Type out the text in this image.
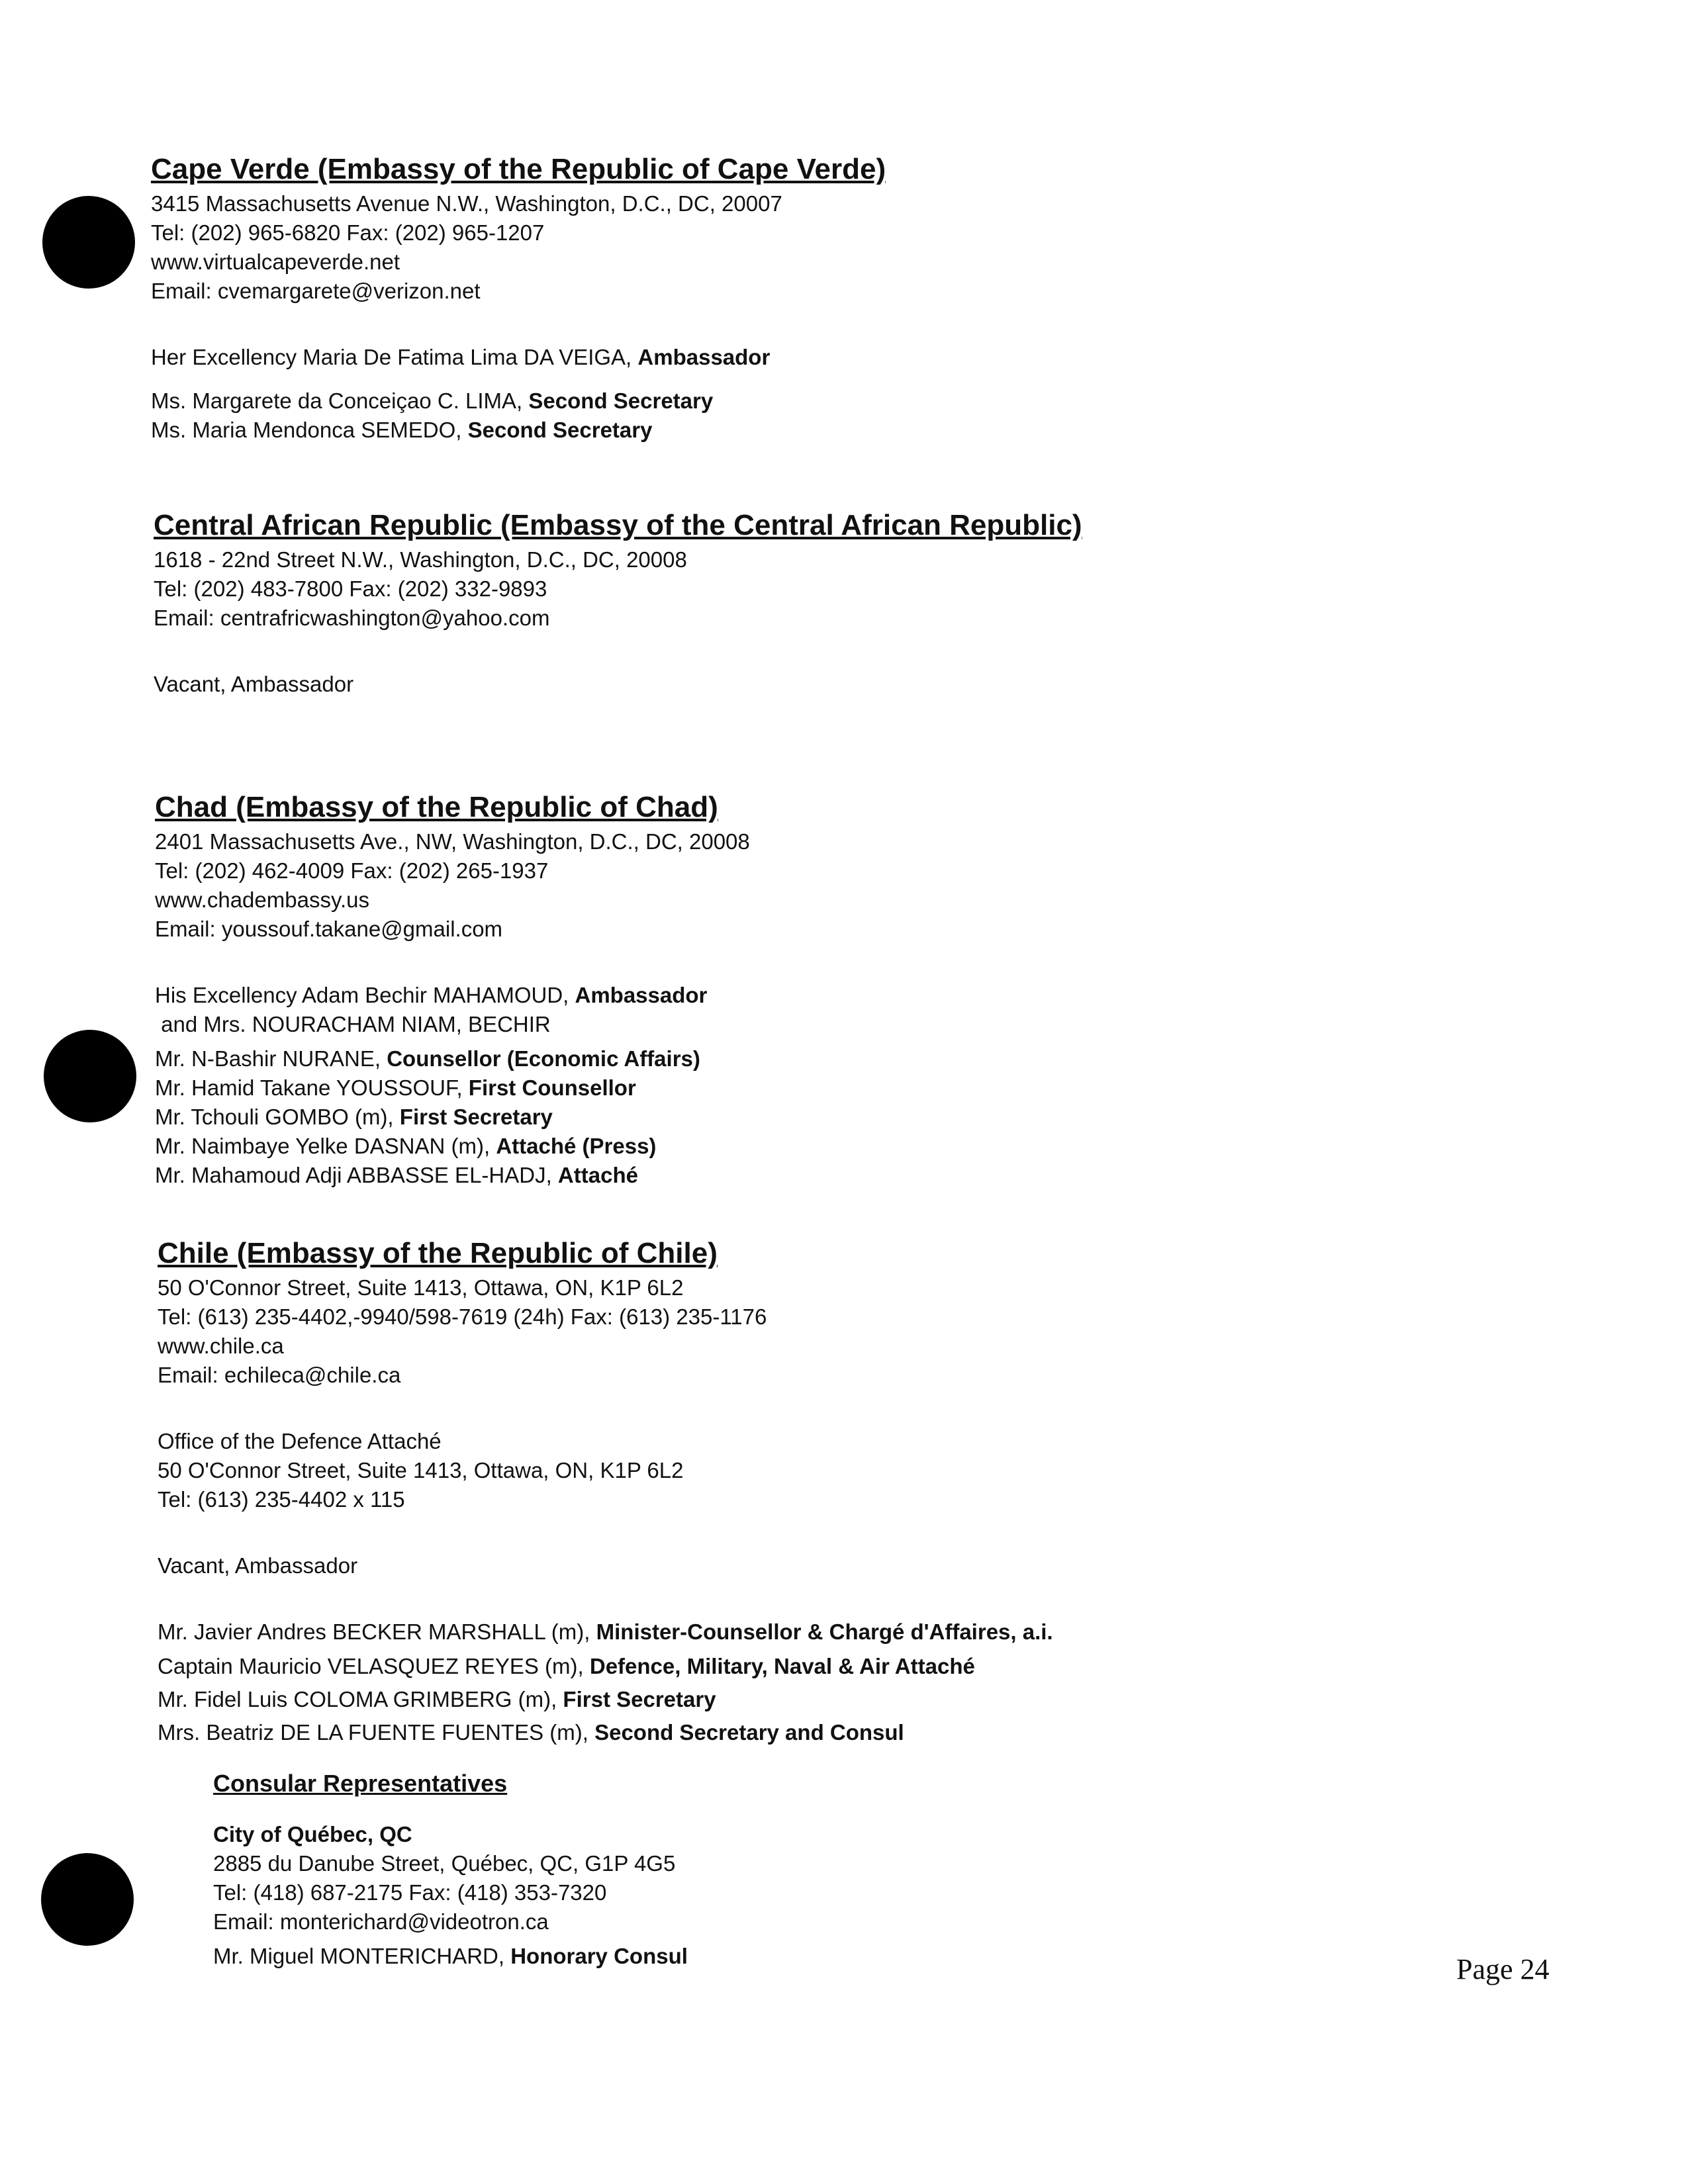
Cape Verde (Embassy of the Republic of Cape Verde)
3415 Massachusetts Avenue N.W., Washington, D.C., DC, 20007
Tel: (202) 965-6820 Fax: (202) 965-1207
www.virtualcapeverde.net
Email: cvemargarete@verizon.net
Her Excellency Maria De Fatima Lima DA VEIGA, Ambassador
Ms. Margarete da Conceiçao C. LIMA, Second Secretary
Ms. Maria Mendonca SEMEDO, Second Secretary
Central African Republic (Embassy of the Central African Republic)
1618 - 22nd Street N.W., Washington, D.C., DC, 20008
Tel: (202) 483-7800 Fax: (202) 332-9893
Email: centrafricwashington@yahoo.com
Vacant, Ambassador
Chad (Embassy of the Republic of Chad)
2401 Massachusetts Ave., NW, Washington, D.C., DC, 20008
Tel: (202) 462-4009 Fax: (202) 265-1937
www.chadembassy.us
Email: youssouf.takane@gmail.com
His Excellency Adam Bechir MAHAMOUD, Ambassador
and Mrs. NOURACHAM NIAM, BECHIR
Mr. N-Bashir NURANE, Counsellor (Economic Affairs)
Mr. Hamid Takane YOUSSOUF, First Counsellor
Mr. Tchouli GOMBO (m), First Secretary
Mr. Naimbaye Yelke DASNAN (m), Attaché (Press)
Mr. Mahamoud Adji ABBASSE EL-HADJ, Attaché
Chile (Embassy of the Republic of Chile)
50 O'Connor Street, Suite 1413, Ottawa, ON, K1P 6L2
Tel: (613) 235-4402,-9940/598-7619 (24h) Fax: (613) 235-1176
www.chile.ca
Email: echileca@chile.ca
Office of the Defence Attaché
50 O'Connor Street, Suite 1413, Ottawa, ON, K1P 6L2
Tel: (613) 235-4402 x 115
Vacant, Ambassador
Mr. Javier Andres BECKER MARSHALL (m), Minister-Counsellor & Chargé d'Affaires, a.i.
Captain Mauricio VELASQUEZ REYES (m), Defence, Military, Naval & Air Attaché
Mr. Fidel Luis COLOMA GRIMBERG (m), First Secretary
Mrs. Beatriz DE LA FUENTE FUENTES (m), Second Secretary and Consul
Consular Representatives
City of Québec, QC
2885 du Danube Street, Québec, QC, G1P 4G5
Tel: (418) 687-2175 Fax: (418) 353-7320
Email: monterichard@videotron.ca
Mr. Miguel MONTERICHARD, Honorary Consul	Page 24
